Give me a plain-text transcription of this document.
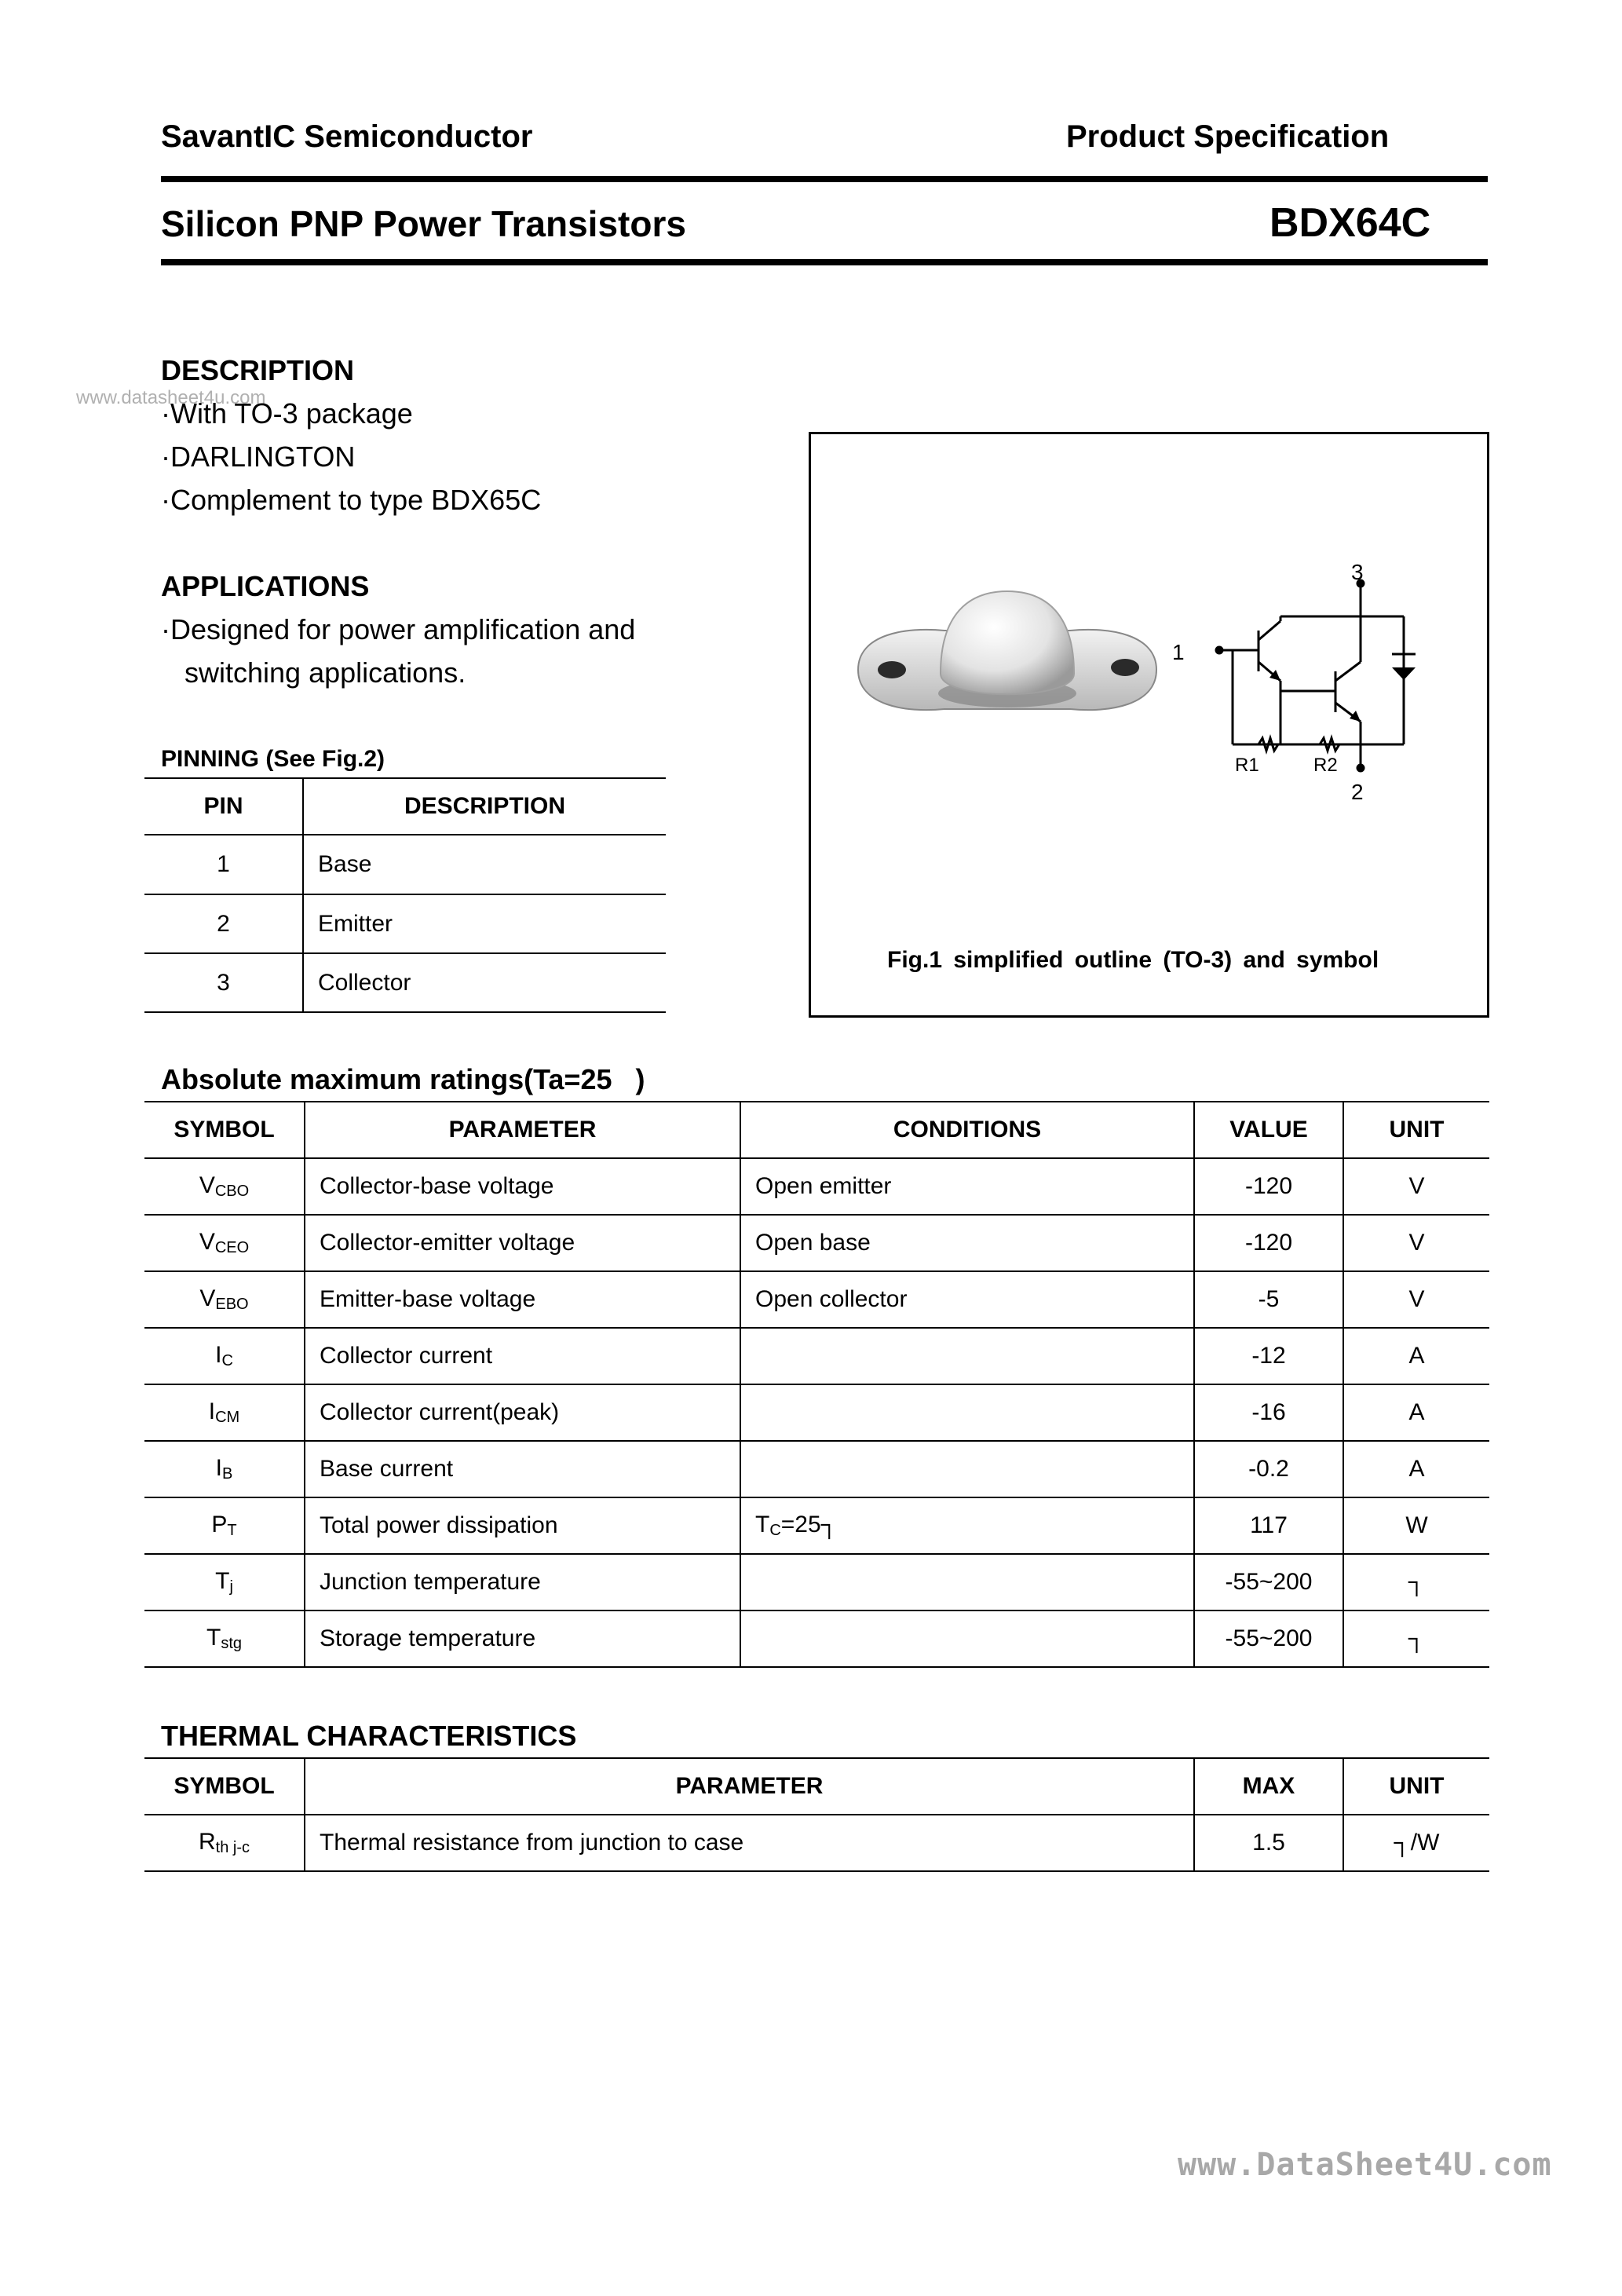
SavantIC Semiconductor	Product Specification
Silicon PNP Power Transistors	BDX64C
www.datasheet4u.com
DESCRIPTION
·With TO-3 package
·DARLINGTON
·Complement to type BDX65C
APPLICATIONS
·Designed for power amplification and
switching applications.
PINNING (See Fig.2)
PIN	DESCRIPTION
1	Base
2	Emitter
3	Collector
3
1
2
R1	R2
Fig.1 simplified outline (TO-3) and symbol
Absolute maximum ratings(Ta=25 )
SYMBOL	PARAMETER	CONDITIONS	VALUE	UNIT
$V_{CBO}$	Collector-base voltage	Open emitter	-120	V
$V_{CEO}$	Collector-emitter voltage	Open base	-120	V
$V_{EBO}$	Emitter-base voltage	Open collector	-5	V
$I_C$	Collector current		-12	A
$I_{CM}$	Collector current(peak)		-16	A
$I_B$	Base current		-0.2	A
$P_T$	Total power dissipation	$T_C=25┐$	117	W
$T_j$	Junction temperature		-55~200	┐
$T_{stg}$	Storage temperature		-55~200	┐
THERMAL CHARACTERISTICS
SYMBOL	PARAMETER	MAX	UNIT
$R_{th j-c}$	Thermal resistance from junction to case	1.5	┐/W
www.DataSheet4U.com
